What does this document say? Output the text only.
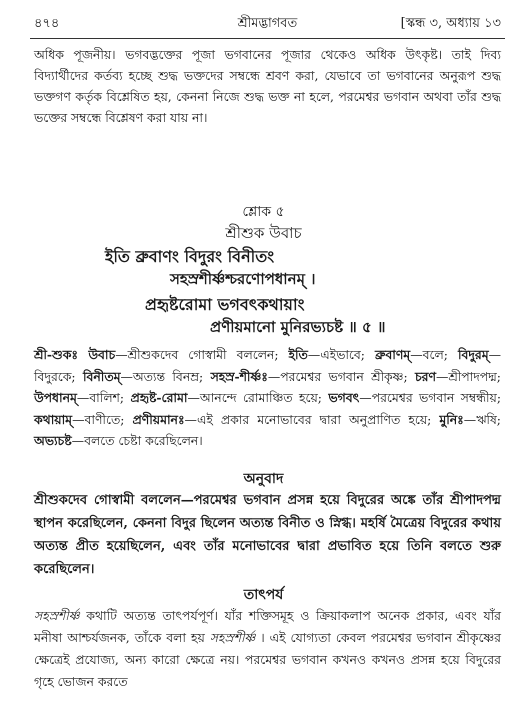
৪৭৪	শ্রীমদ্ভাগবত	[স্কন্ধ ৩, অধ্যায় ১৩
অধিক পূজনীয়। ভগবদ্ভক্তের পূজা ভগবানের পূজার থেকেও অধিক উৎকৃষ্ট। তাই দিব্য বিদ্যার্থীদের কর্তব্য হচ্ছে শুদ্ধ ভক্তদের সম্বন্ধে শ্রবণ করা, যেভাবে তা ভগবানের অনুরূপ শুদ্ধ ভক্তগণ কর্তৃক বিশ্লেষিত হয়, কেননা নিজে শুদ্ধ ভক্ত না হলে, পরমেশ্বর ভগবান অথবা তাঁর শুদ্ধ ভক্তের সম্বন্ধে বিশ্লেষণ করা যায় না।
শ্লোক ৫
শ্রীশুক উবাচ
ইতি ব্রুবাণং বিদুরং বিনীতং
সহস্রশীর্ষ্ণশ্চরণোপধানম্ ।
প্রহৃষ্টরোমা ভগবৎকথায়াং
প্রণীয়মানো মুনিরভ্যচষ্ট ॥ ৫ ॥
শ্রী-শুকঃ উবাচ—শ্রীশুকদেব গোস্বামী বললেন; ইতি—এইভাবে; ব্রুবাণম্—বলে; বিদুরম্—বিদুরকে; বিনীতম্—অত্যন্ত বিনম্র; সহস্র-শীর্ষ্ণঃ—পরমেশ্বর ভগবান শ্রীকৃষ্ণ; চরণ—শ্রীপাদপদ্ম; উপধানম্—বালিশ; প্রহৃষ্ট-রোমা—আনন্দে রোমাঞ্চিত হয়ে; ভগবৎ—পরমেশ্বর ভগবান সম্বন্ধীয়; কথায়াম্—বাণীতে; প্রণীয়মানঃ—এই প্রকার মনোভাবের দ্বারা অনুপ্রাণিত হয়ে; মুনিঃ—ঋষি; অভ্যচষ্ট—বলতে চেষ্টা করেছিলেন।
অনুবাদ
শ্রীশুকদেব গোস্বামী বললেন—পরমেশ্বর ভগবান প্রসন্ন হয়ে বিদুরের অঙ্কে তাঁর শ্রীপাদপদ্ম স্থাপন করেছিলেন, কেননা বিদুর ছিলেন অত্যন্ত বিনীত ও স্নিগ্ধ। মহর্ষি মৈত্রেয় বিদুরের কথায় অত্যন্ত প্রীত হয়েছিলেন, এবং তাঁর মনোভাবের দ্বারা প্রভাবিত হয়ে তিনি বলতে শুরু করেছিলেন।
তাৎপর্য
সহস্রশীর্ষ্ণ কথাটি অত্যন্ত তাৎপর্যপূর্ণ। যাঁর শক্তিসমূহ ও ক্রিয়াকলাপ অনেক প্রকার, এবং যাঁর মনীষা আশ্চর্যজনক, তাঁকে বলা হয় সহস্রশীর্ষ্ণ । এই যোগ্যতা কেবল পরমেশ্বর ভগবান শ্রীকৃষ্ণের ক্ষেত্রেই প্রযোজ্য, অন্য কারো ক্ষেত্রে নয়। পরমেশ্বর ভগবান কখনও কখনও প্রসন্ন হয়ে বিদুরের গৃহে ভোজন করতে
